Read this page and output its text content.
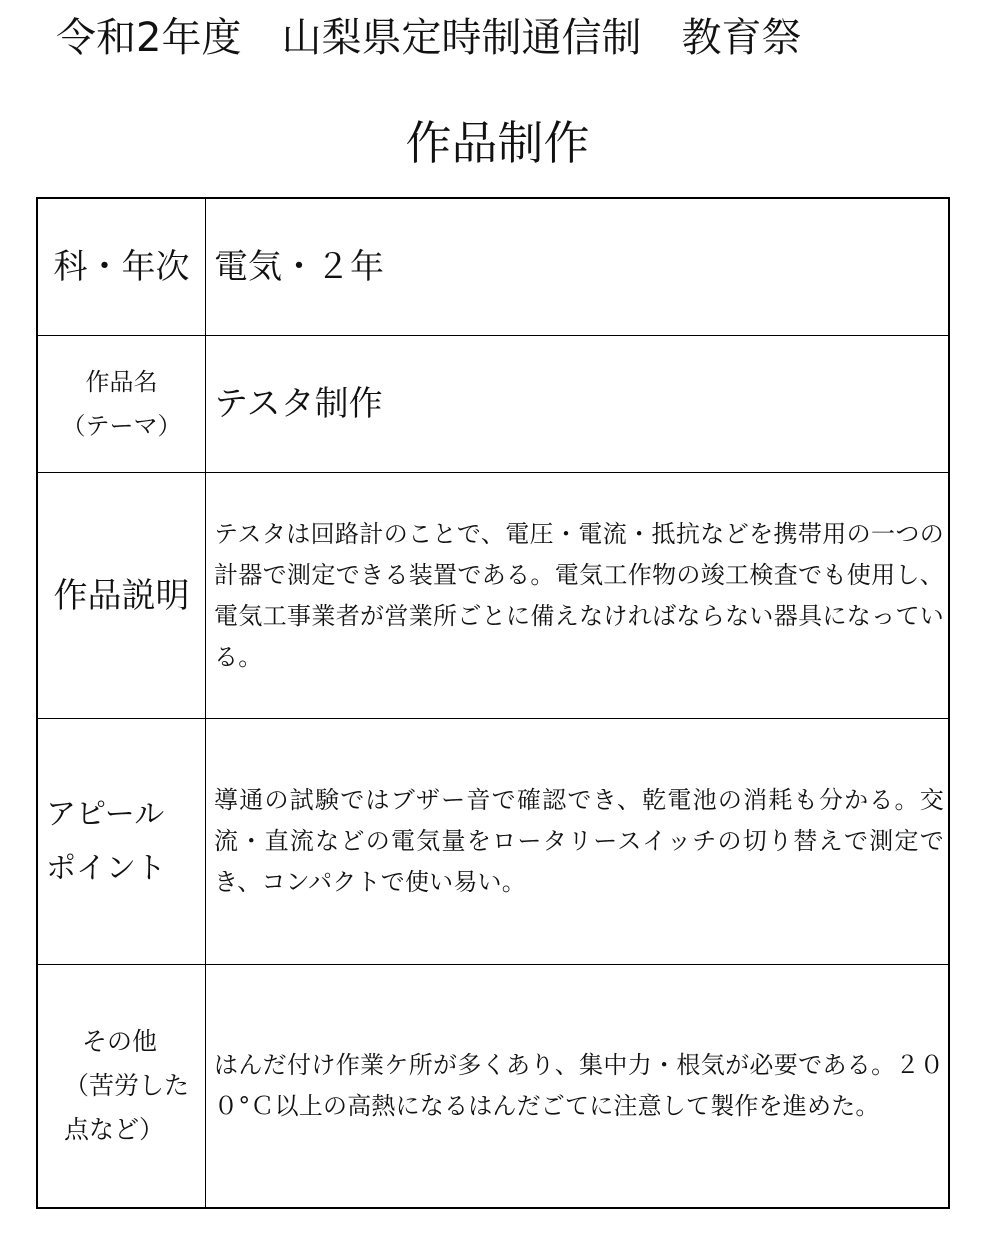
令和2年度　山梨県定時制通信制　教育祭
作品制作
科・年次 電気・２年
作品名
（テーマ）
テスタ制作
作品説明

テスタは回路計のことで、電圧・電流・抵抗などを携帯用の一つの計器で測定できる装置である。電気工作物の竣工検査でも使用し、電気工事業者が営業所ごとに備えなければならない器具になっている。

アピール
ポイント

導通の試験ではブザー音で確認でき、乾電池の消耗も分かる。交流・直流などの電気量をロータリースイッチの切り替えで測定でき、コンパクトで使い易い。

その他
（苦労した
点など）

はんだ付け作業ケ所が多くあり、集中力・根気が必要である。２００°Ｃ以上の高熱になるはんだごてに注意して製作を進めた。
